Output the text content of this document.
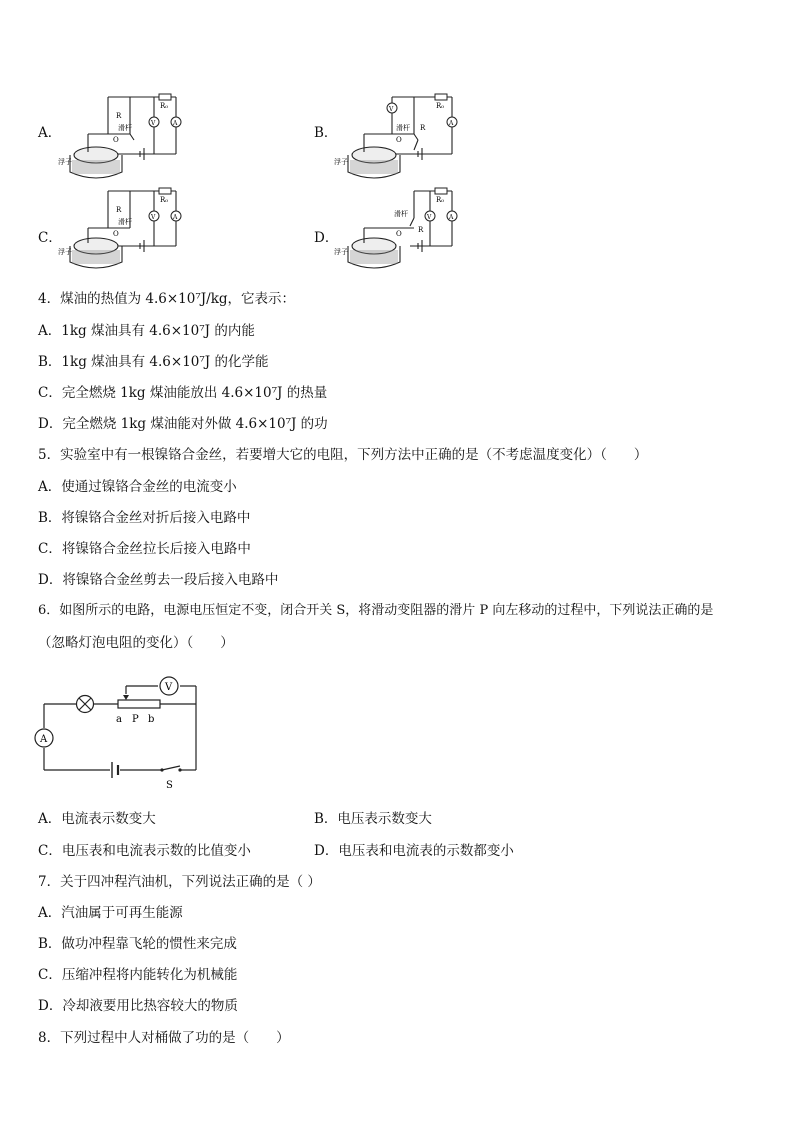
A．	B．
C．	D．
R
R₀
滑杆
O
V	A
浮子
V
A
R₀
滑杆 R
O
浮子
R
R₀
滑杆
O
V	A
浮子
滑杆
R
R₀
O
V	A
浮子
4．煤油的热值为 4.6×10⁷J/kg，它表示：
A．1kg 煤油具有 4.6×10⁷J 的内能
B．1kg 煤油具有 4.6×10⁷J 的化学能
C．完全燃烧 1kg 煤油能放出 4.6×10⁷J 的热量
D．完全燃烧 1kg 煤油能对外做 4.6×10⁷J 的功
5．实验室中有一根镍铬合金丝，若要增大它的电阻，下列方法中正确的是（不考虑温度变化）（　　）
A．使通过镍铬合金丝的电流变小
B．将镍铬合金丝对折后接入电路中
C．将镍铬合金丝拉长后接入电路中
D．将镍铬合金丝剪去一段后接入电路中
6．如图所示的电路，电源电压恒定不变，闭合开关 S，将滑动变阻器的滑片 P 向左移动的过程中，下列说法正确的是
（忽略灯泡电阻的变化）（　　）
A
V
a P b
S
A．电流表示数变大	B．电压表示数变大
C．电压表和电流表示数的比值变小	D．电压表和电流表的示数都变小
7．关于四冲程汽油机，下列说法正确的是（ ）
A．汽油属于可再生能源
B．做功冲程靠飞轮的惯性来完成
C．压缩冲程将内能转化为机械能
D．冷却液要用比热容较大的物质
8．下列过程中人对桶做了功的是（　　）
